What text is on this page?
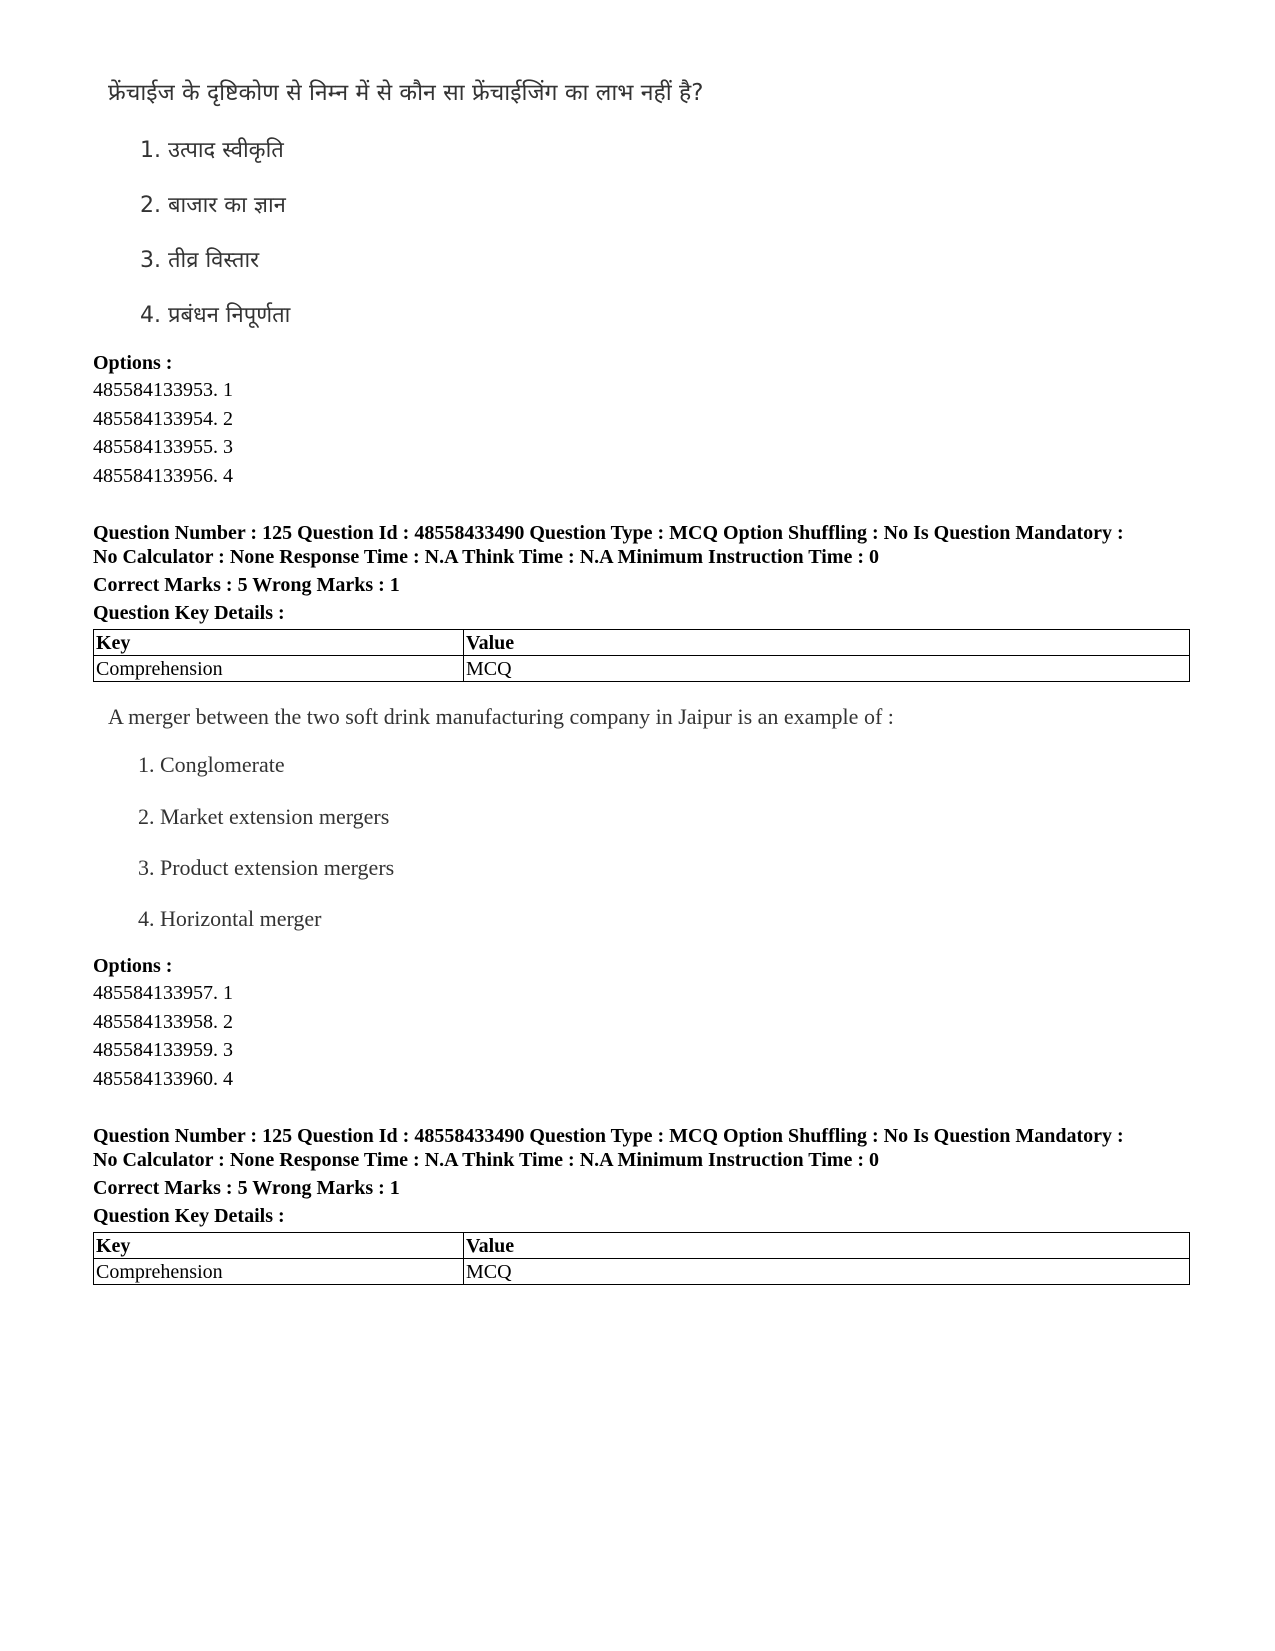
फ्रेंचाईज के दृष्टिकोण से निम्न में से कौन सा फ्रेंचाईजिंग का लाभ नहीं है?
1. उत्पाद स्वीकृति
2. बाजार का ज्ञान
3. तीव्र विस्तार
4. प्रबंधन निपूर्णता
Options :
485584133953. 1
485584133954. 2
485584133955. 3
485584133956. 4
Question Number : 125 Question Id : 48558433490 Question Type : MCQ Option Shuffling : No Is Question Mandatory :
No Calculator : None Response Time : N.A Think Time : N.A Minimum Instruction Time : 0
Correct Marks : 5 Wrong Marks : 1
Question Key Details :
Key	Value
Comprehension	MCQ
A merger between the two soft drink manufacturing company in Jaipur is an example of :
1. Conglomerate
2. Market extension mergers
3. Product extension mergers
4. Horizontal merger
Options :
485584133957. 1
485584133958. 2
485584133959. 3
485584133960. 4
Question Number : 125 Question Id : 48558433490 Question Type : MCQ Option Shuffling : No Is Question Mandatory :
No Calculator : None Response Time : N.A Think Time : N.A Minimum Instruction Time : 0
Correct Marks : 5 Wrong Marks : 1
Question Key Details :
Key	Value
Comprehension	MCQ
